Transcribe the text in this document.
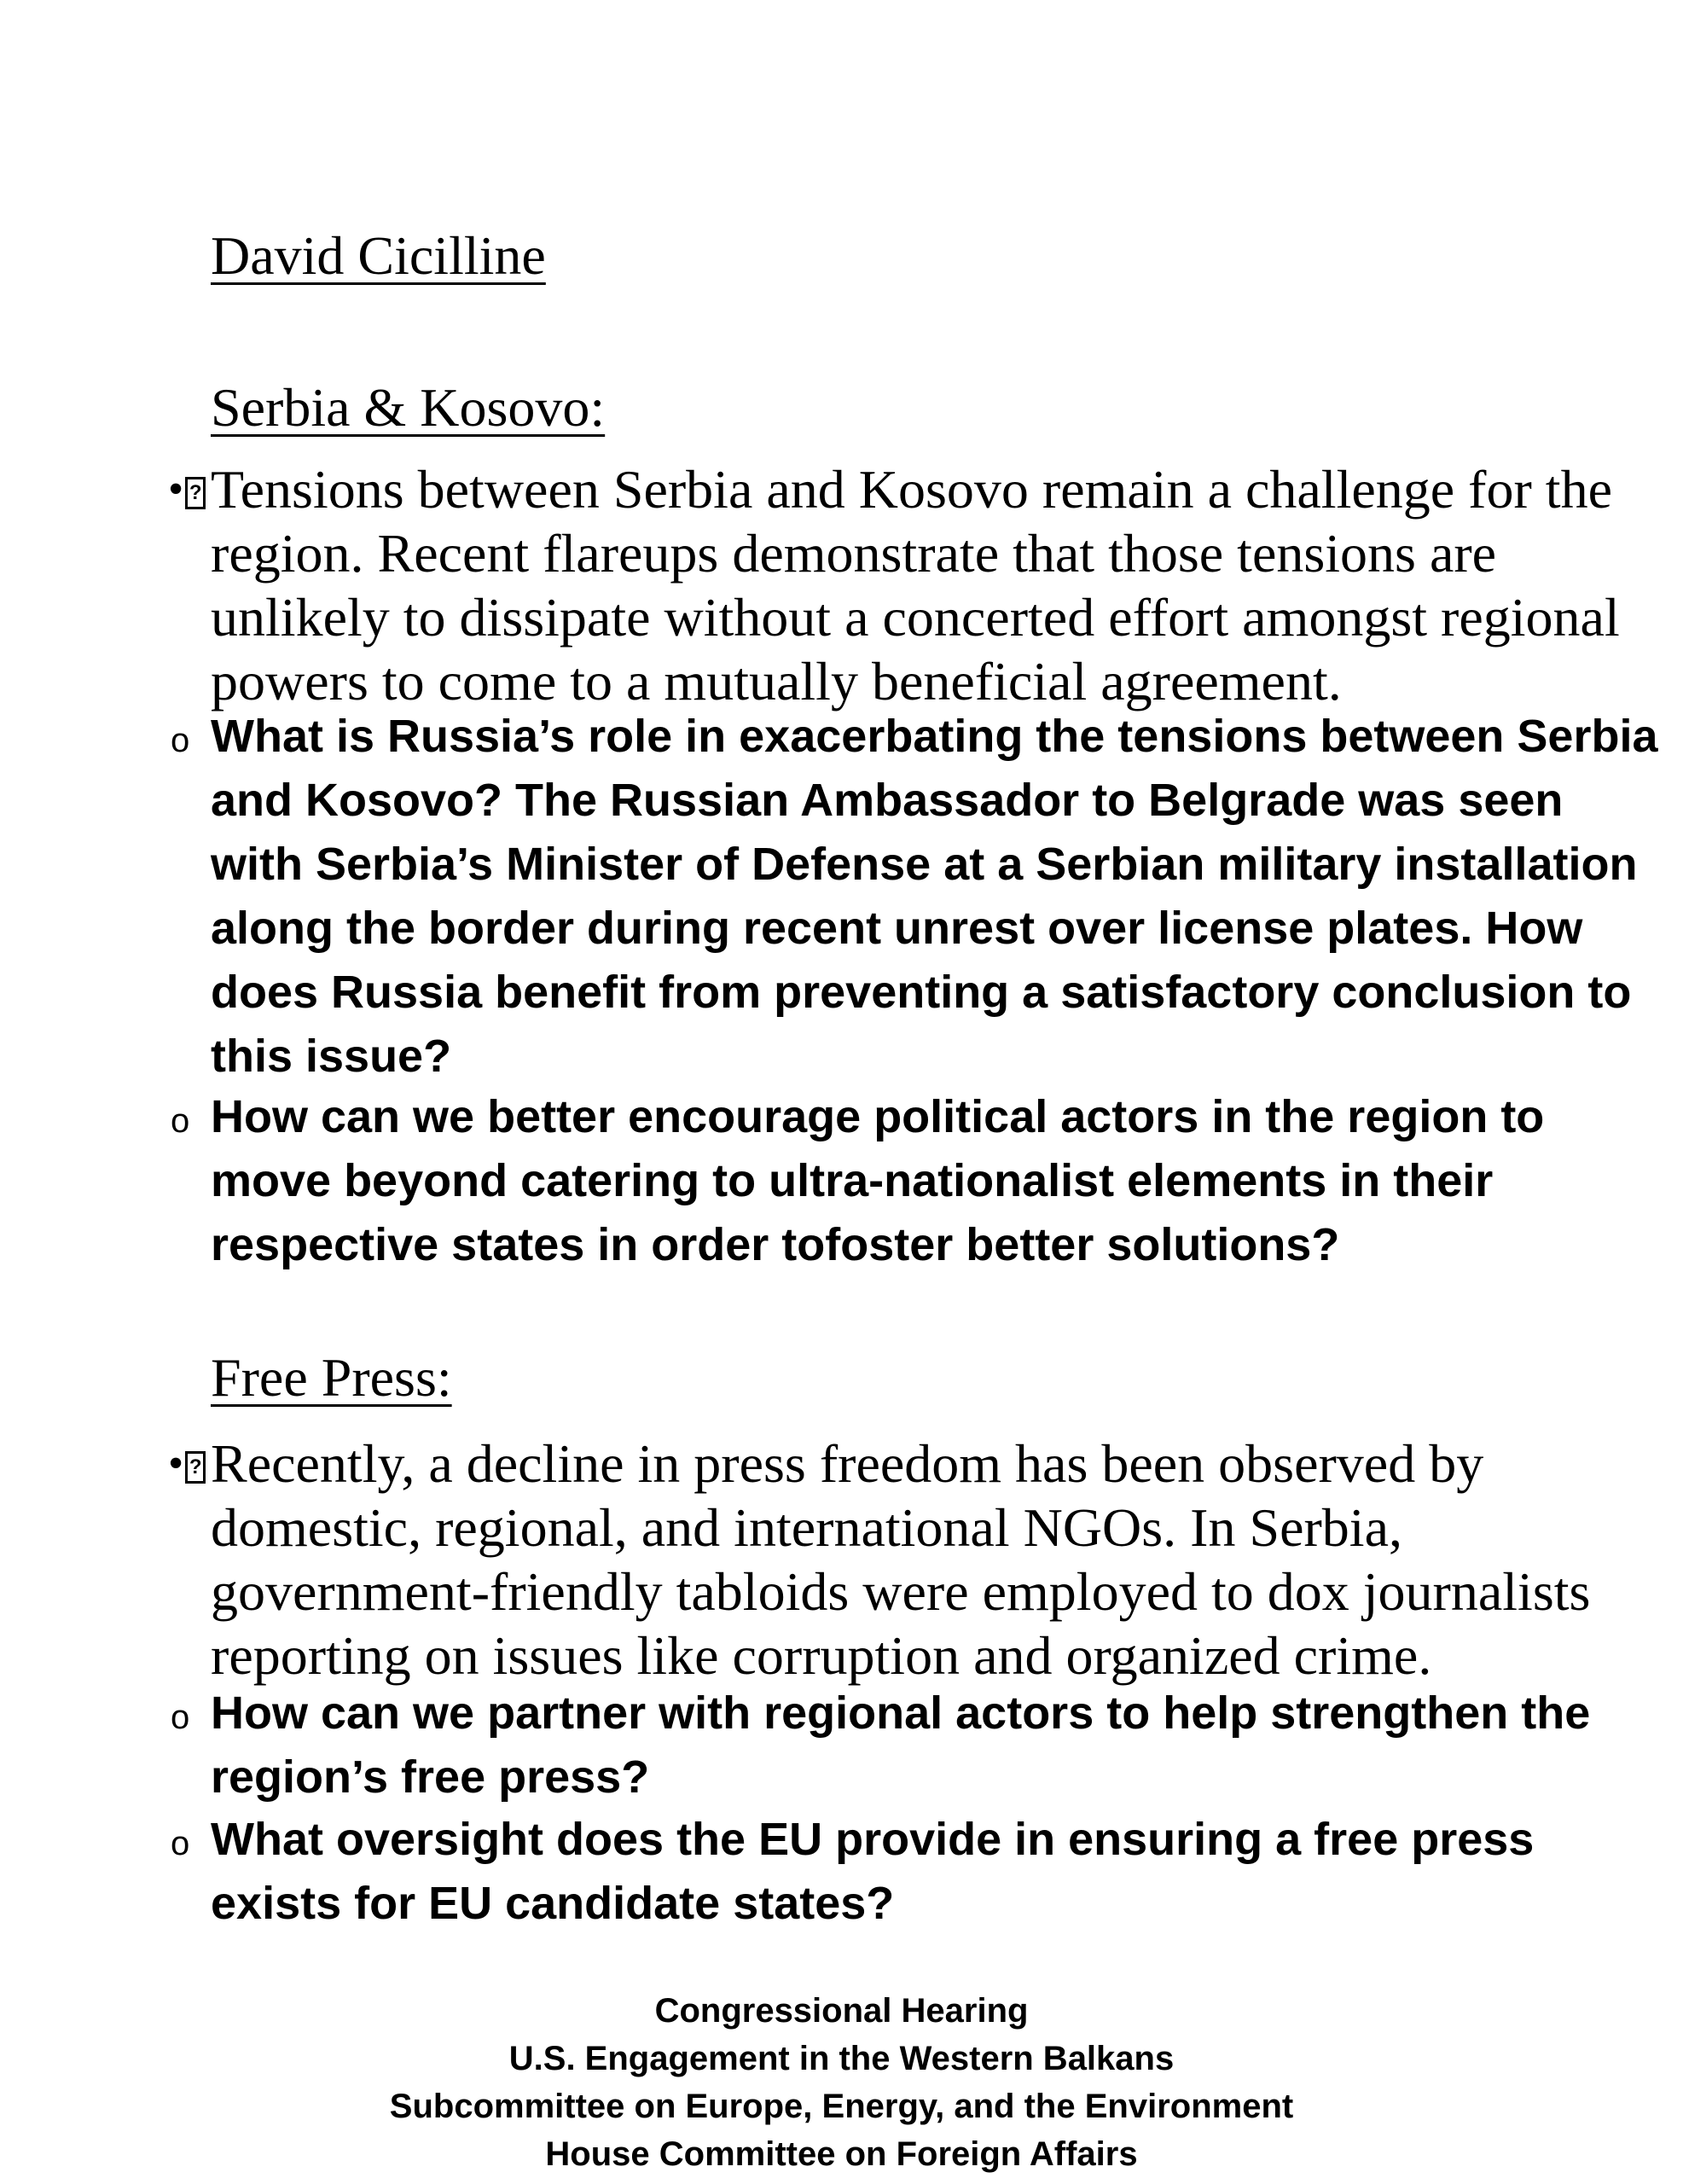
David Cicilline
Serbia & Kosovo:
• ? Tensions between Serbia and Kosovo remain a challenge for the region. Recent flareups demonstrate that those tensions are unlikely to dissipate without a concerted effort amongst regional powers to come to a mutually beneficial agreement.
o What is Russia’s role in exacerbating the tensions between Serbia and Kosovo? The Russian Ambassador to Belgrade was seen with Serbia’s Minister of Defense at a Serbian military installation along the border during recent unrest over license plates. How does Russia benefit from preventing a satisfactory conclusion to this issue?
o How can we better encourage political actors in the region to move beyond catering to ultra-nationalist elements in their respective states in order tofoster better solutions?
Free Press:
• ? Recently, a decline in press freedom has been observed by domestic, regional, and international NGOs. In Serbia, government-friendly tabloids were employed to dox journalists reporting on issues like corruption and organized crime.
o How can we partner with regional actors to help strengthen the region’s free press?
o What oversight does the EU provide in ensuring a free press exists for EU candidate states?
Congressional Hearing
U.S. Engagement in the Western Balkans
Subcommittee on Europe, Energy, and the Environment
House Committee on Foreign Affairs
